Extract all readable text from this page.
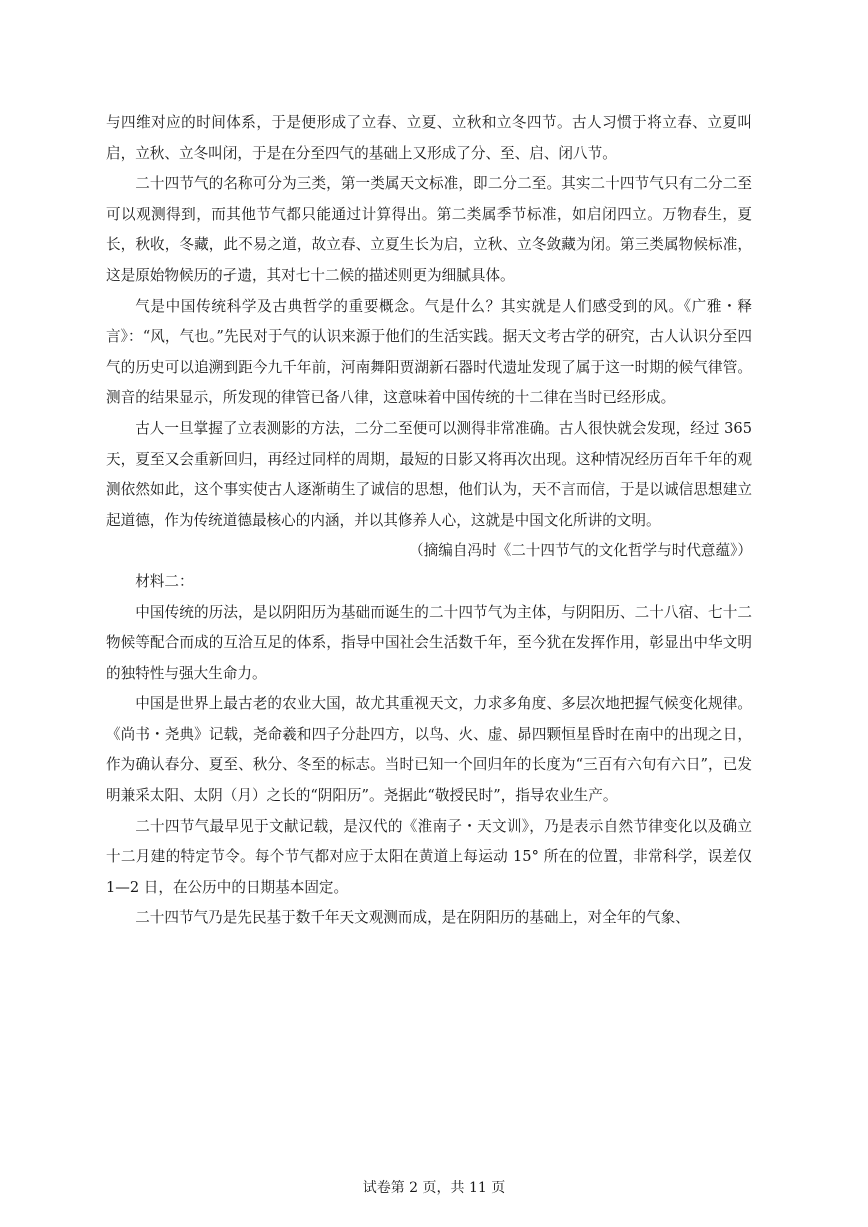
与四维对应的时间体系，于是便形成了立春、立夏、立秋和立冬四节。古人习惯于将立春、立夏叫启，立秋、立冬叫闭，于是在分至四气的基础上又形成了分、至、启、闭八节。

二十四节气的名称可分为三类，第一类属天文标准，即二分二至。其实二十四节气只有二分二至可以观测得到，而其他节气都只能通过计算得出。第二类属季节标准，如启闭四立。万物春生，夏长，秋收，冬藏，此不易之道，故立春、立夏生长为启，立秋、立冬敛藏为闭。第三类属物候标准，这是原始物候历的孑遗，其对七十二候的描述则更为细腻具体。

气是中国传统科学及古典哲学的重要概念。气是什么？其实就是人们感受到的风。《广雅・释言》：“风，气也。”先民对于气的认识来源于他们的生活实践。据天文考古学的研究，古人认识分至四气的历史可以追溯到距今九千年前，河南舞阳贾湖新石器时代遗址发现了属于这一时期的候气律管。测音的结果显示，所发现的律管已备八律，这意味着中国传统的十二律在当时已经形成。

古人一旦掌握了立表测影的方法，二分二至便可以测得非常准确。古人很快就会发现，经过 365 天，夏至又会重新回归，再经过同样的周期，最短的日影又将再次出现。这种情况经历百年千年的观测依然如此，这个事实使古人逐渐萌生了诚信的思想，他们认为，天不言而信，于是以诚信思想建立起道德，作为传统道德最核心的内涵，并以其修养人心，这就是中国文化所讲的文明。

（摘编自冯时《二十四节气的文化哲学与时代意蕴》）

材料二：

中国传统的历法，是以阴阳历为基础而诞生的二十四节气为主体，与阴阳历、二十八宿、七十二物候等配合而成的互洽互足的体系，指导中国社会生活数千年，至今犹在发挥作用，彰显出中华文明的独特性与强大生命力。

中国是世界上最古老的农业大国，故尤其重视天文，力求多角度、多层次地把握气候变化规律。《尚书・尧典》记载，尧命羲和四子分赴四方，以鸟、火、虚、昴四颗恒星昏时在南中的出现之日，作为确认春分、夏至、秋分、冬至的标志。当时已知一个回归年的长度为“三百有六旬有六日”，已发明兼采太阳、太阴（月）之长的“阴阳历”。尧据此“敬授民时”，指导农业生产。

二十四节气最早见于文献记载，是汉代的《淮南子・天文训》，乃是表示自然节律变化以及确立十二月建的特定节令。每个节气都对应于太阳在黄道上每运动 15° 所在的位置，非常科学，误差仅 1—2 日，在公历中的日期基本固定。

二十四节气乃是先民基于数千年天文观测而成，是在阴阳历的基础上，对全年的气象、

试卷第 2 页，共 11 页
